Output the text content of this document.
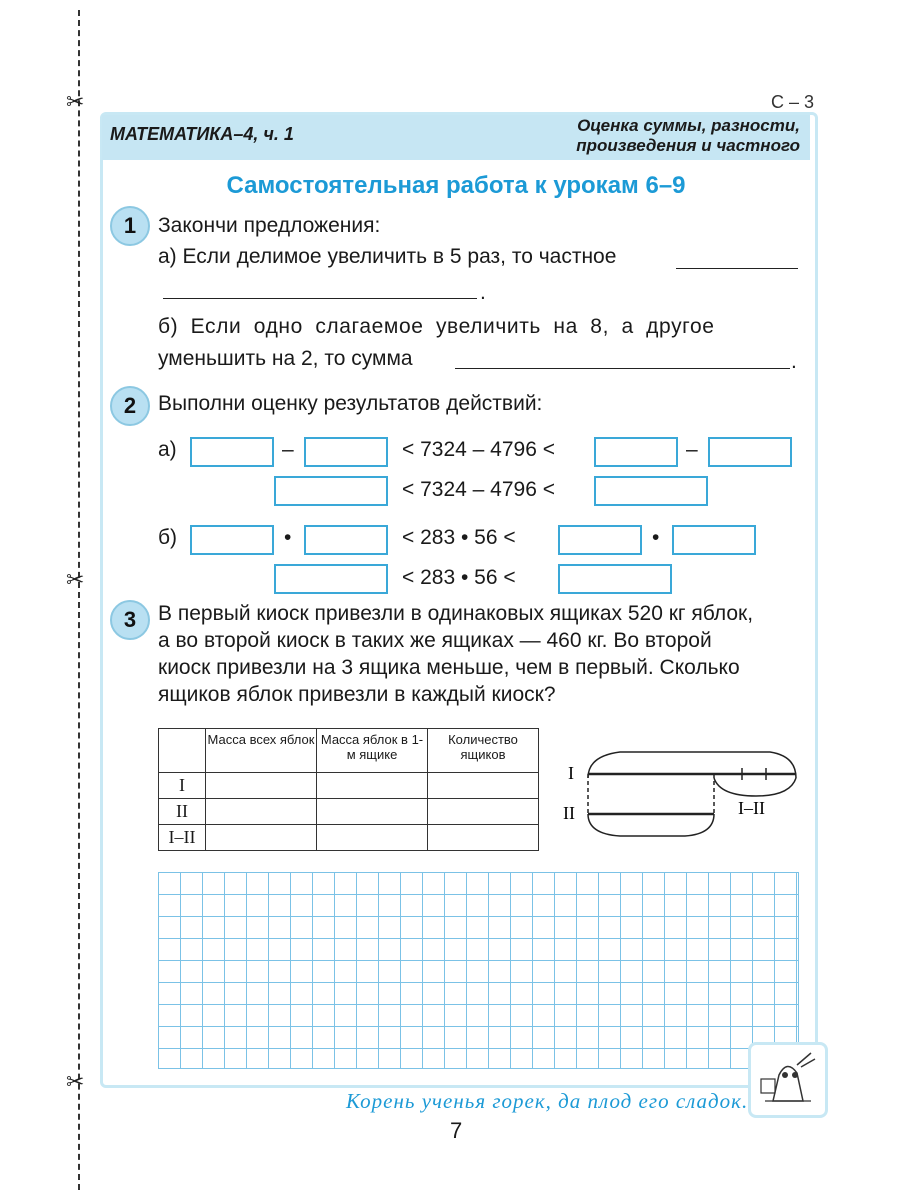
✂
✂
✂
С – 3
МАТЕМАТИКА–4, ч. 1	Оценка суммы, разности,
произведения и частного
Самостоятельная работа к урокам 6–9
1	Закончи предложения:
а) Если делимое увеличить в 5 раз, то частное
.
б) Если одно слагаемое увеличить на 8, а другое
уменьшить на 2, то сумма	.
2	Выполни оценку результатов действий:
а)	–	< 7324 – 4796 <	–
< 7324 – 4796 <
б)	•	< 283 • 56 <	•
< 283 • 56 <
3	В первый киоск привезли в одинаковых ящиках 520 кг яблок,
а во второй киоск в таких же ящиках — 460 кг. Во второй
киоск привезли на 3 ящика меньше, чем в первый. Сколько
ящиков яблок привезли в каждый киоск?
	Масса всех яблок	Масса яблок в 1-м ящике	Количество ящиков
I			
II			
I–II			
I
II	I–II
Корень ученья горек, да плод его сладок.
7
